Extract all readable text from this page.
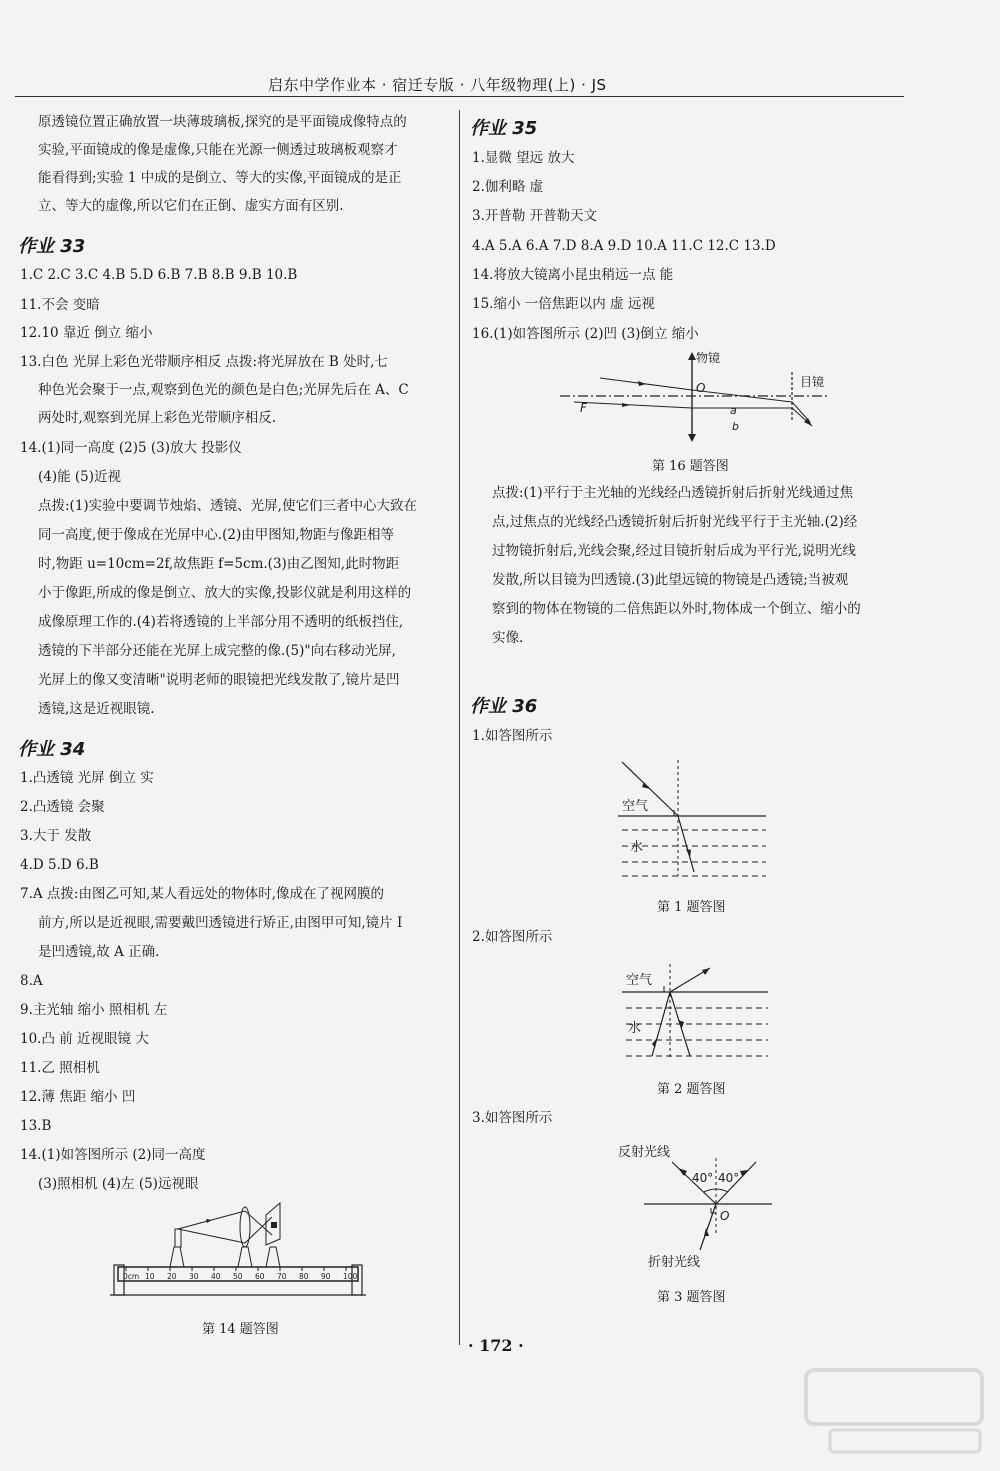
启东中学作业本 · 宿迁专版 · 八年级物理(上) · JS
原透镜位置正确放置一块薄玻璃板,探究的是平面镜成像特点的
实验,平面镜成的像是虚像,只能在光源一侧透过玻璃板观察才
能看得到;实验 1 中成的是倒立、等大的实像,平面镜成的是正
立、等大的虚像,所以它们在正倒、虚实方面有区别.
作业 33
1.C 2.C 3.C 4.B 5.D 6.B 7.B 8.B 9.B 10.B
11.不会 变暗
12.10 靠近 倒立 缩小
13.白色 光屏上彩色光带顺序相反 点拨:将光屏放在 B 处时,七
种色光会聚于一点,观察到色光的颜色是白色;光屏先后在 A、C
两处时,观察到光屏上彩色光带顺序相反.
14.(1)同一高度 (2)5 (3)放大 投影仪
(4)能 (5)近视
点拨:(1)实验中要调节烛焰、透镜、光屏,使它们三者中心大致在
同一高度,便于像成在光屏中心.(2)由甲图知,物距与像距相等
时,物距 u=10cm=2f,故焦距 f=5cm.(3)由乙图知,此时物距
小于像距,所成的像是倒立、放大的实像,投影仪就是利用这样的
成像原理工作的.(4)若将透镜的上半部分用不透明的纸板挡住,
透镜的下半部分还能在光屏上成完整的像.(5)"向右移动光屏,
光屏上的像又变清晰"说明老师的眼镜把光线发散了,镜片是凹
透镜,这是近视眼镜.
作业 34
1.凸透镜 光屏 倒立 实
2.凸透镜 会聚
3.大于 发散
4.D 5.D 6.B
7.A 点拨:由图乙可知,某人看远处的物体时,像成在了视网膜的
前方,所以是近视眼,需要戴凹透镜进行矫正,由图甲可知,镜片 Ⅰ
是凹透镜,故 A 正确.
8.A
9.主光轴 缩小 照相机 左
10.凸 前 近视眼镜 大
11.乙 照相机
12.薄 焦距 缩小 凹
13.B
14.(1)如答图所示 (2)同一高度
(3)照相机 (4)左 (5)远视眼
0cm 10 20 30 40 50 60 70 80 90 100
第 14 题答图
作业 35
1.显微 望远 放大
2.伽利略 虚
3.开普勒 开普勒天文
4.A 5.A 6.A 7.D 8.A 9.D 10.A 11.C 12.C 13.D
14.将放大镜离小昆虫稍远一点 能
15.缩小 一倍焦距以内 虚 远视
16.(1)如答图所示 (2)凹 (3)倒立 缩小
物镜
目镜
O
F	a
b
第 16 题答图
点拨:(1)平行于主光轴的光线经凸透镜折射后折射光线通过焦
点,过焦点的光线经凸透镜折射后折射光线平行于主光轴.(2)经
过物镜折射后,光线会聚,经过目镜折射后成为平行光,说明光线
发散,所以目镜为凹透镜.(3)此望远镜的物镜是凸透镜;当被观
察到的物体在物镜的二倍焦距以外时,物体成一个倒立、缩小的
实像.
作业 36
1.如答图所示
空气
水
第 1 题答图
2.如答图所示
空气
水
第 2 题答图
3.如答图所示
反射光线
40° 40°
O
折射光线
第 3 题答图
· 172 ·
